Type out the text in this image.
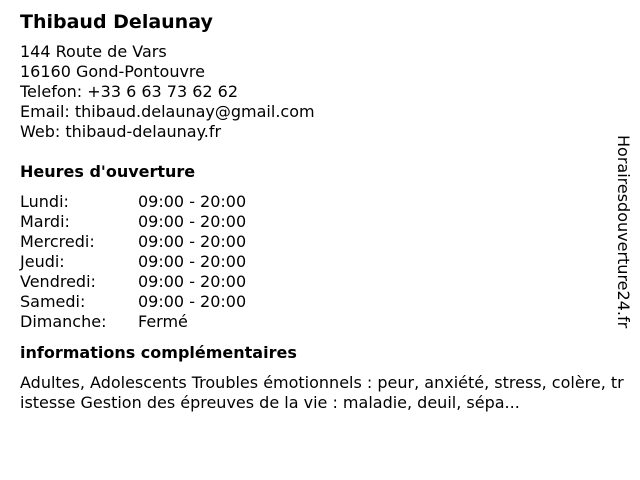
Thibaud Delaunay
144 Route de Vars
16160 Gond-Pontouvre
Telefon: +33 6 63 73 62 62
Email: thibaud.delaunay@gmail.com
Web: thibaud-delaunay.fr
Heures d'ouverture
Lundi:	09:00 - 20:00
Mardi:	09:00 - 20:00
Mercredi:	09:00 - 20:00
Jeudi:	09:00 - 20:00
Vendredi:	09:00 - 20:00
Samedi:	09:00 - 20:00
Dimanche:	Fermé
informations complémentaires
Adultes, Adolescents Troubles émotionnels : peur, anxiété, stress, colère, tristesse Gestion des épreuves de la vie : maladie, deuil, sépa...
Horairesdouverture24.fr
